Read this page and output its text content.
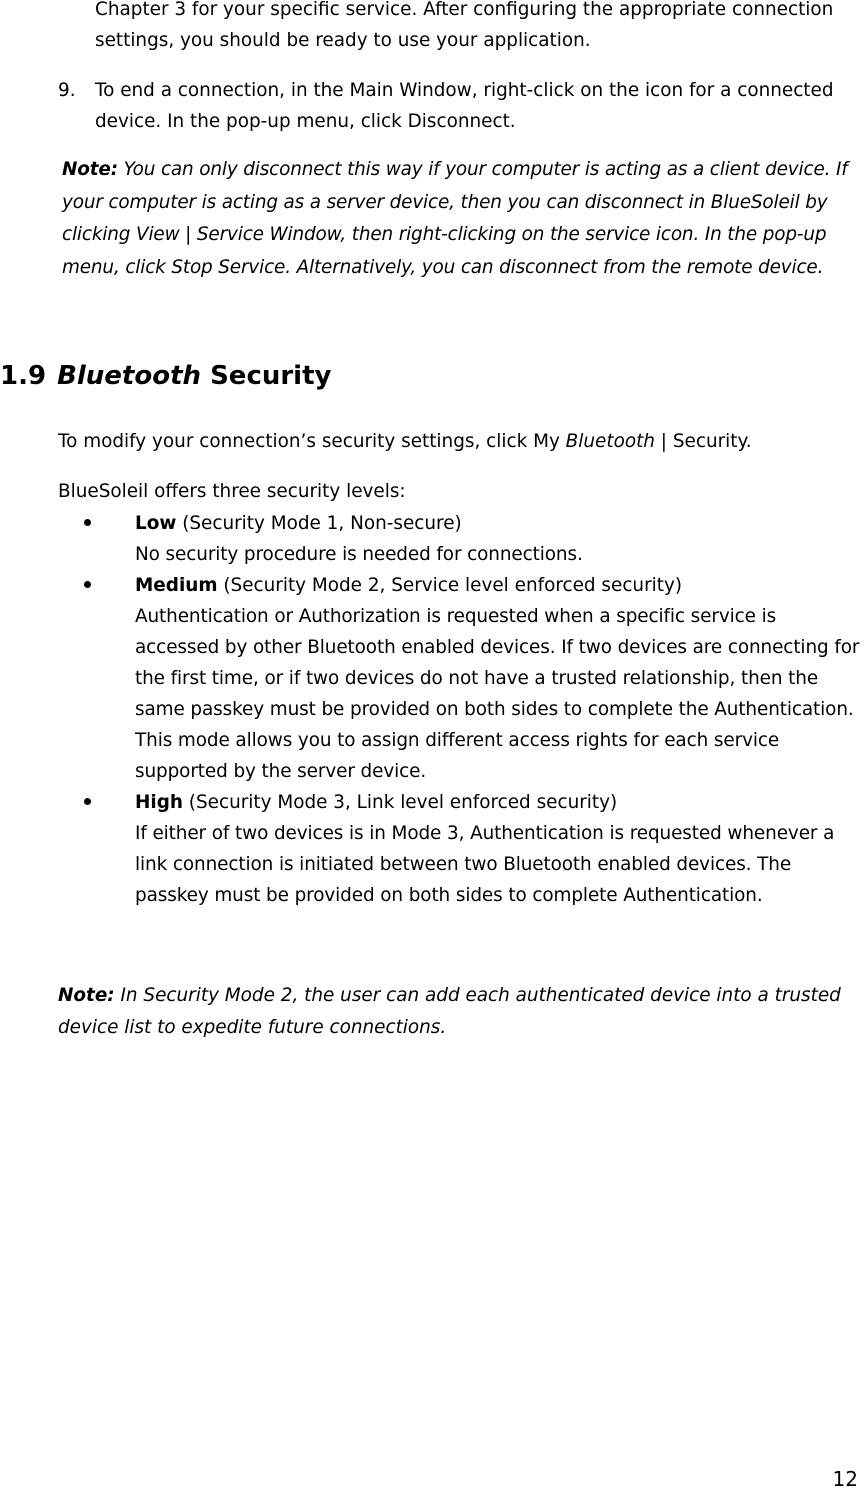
Chapter 3 for your specific service. After configuring the appropriate connection settings, you should be ready to use your application.

9. To end a connection, in the Main Window, right-click on the icon for a connected device. In the pop-up menu, click Disconnect.

Note: You can only disconnect this way if your computer is acting as a client device. If your computer is acting as a server device, then you can disconnect in BlueSoleil by clicking View | Service Window, then right-clicking on the service icon. In the pop-up menu, click Stop Service. Alternatively, you can disconnect from the remote device.

1.9 Bluetooth Security

To modify your connection’s security settings, click My Bluetooth | Security.

BlueSoleil offers three security levels:

Low (Security Mode 1, Non-secure)
No security procedure is needed for connections.
Medium (Security Mode 2, Service level enforced security)
Authentication or Authorization is requested when a specific service is accessed by other Bluetooth enabled devices. If two devices are connecting for the first time, or if two devices do not have a trusted relationship, then the same passkey must be provided on both sides to complete the Authentication. This mode allows you to assign different access rights for each service supported by the server device.
High (Security Mode 3, Link level enforced security)
If either of two devices is in Mode 3, Authentication is requested whenever a link connection is initiated between two Bluetooth enabled devices. The passkey must be provided on both sides to complete Authentication.

Note: In Security Mode 2, the user can add each authenticated device into a trusted device list to expedite future connections.

12
